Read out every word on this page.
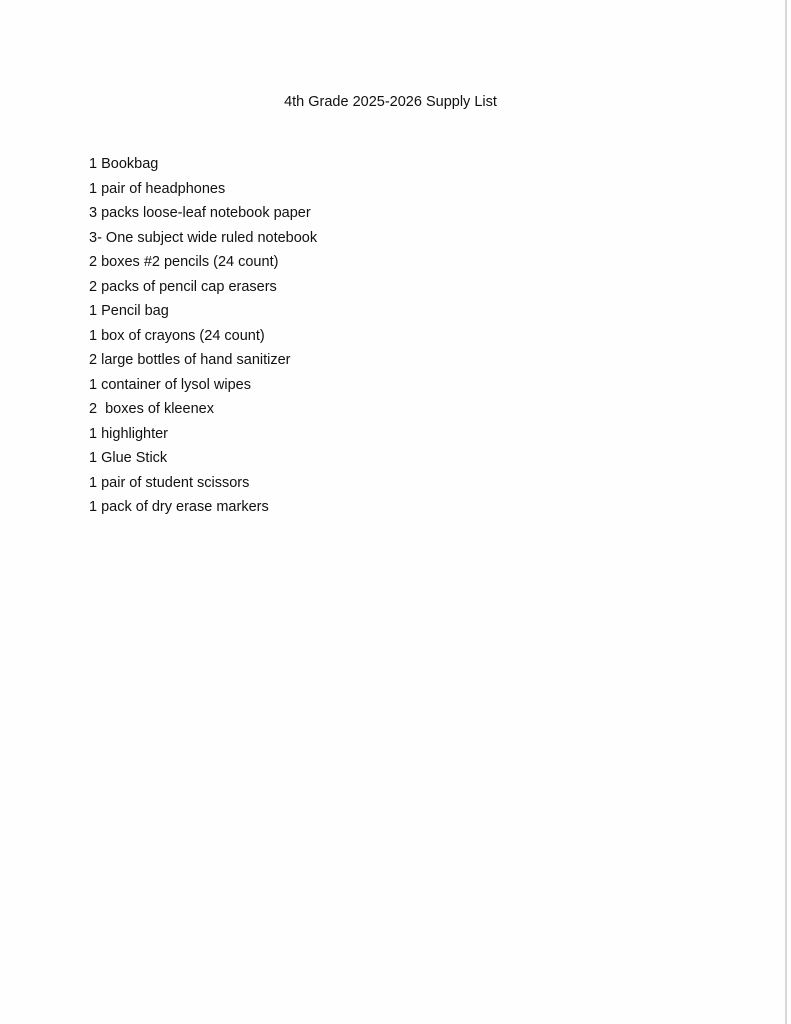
4th Grade 2025-2026 Supply List
1 Bookbag
1 pair of headphones
3 packs loose-leaf notebook paper
3- One subject wide ruled notebook
2 boxes #2 pencils (24 count)
2 packs of pencil cap erasers
1 Pencil bag
1 box of crayons (24 count)
2 large bottles of hand sanitizer
1 container of lysol wipes
2  boxes of kleenex
1 highlighter
1 Glue Stick
1 pair of student scissors
1 pack of dry erase markers
